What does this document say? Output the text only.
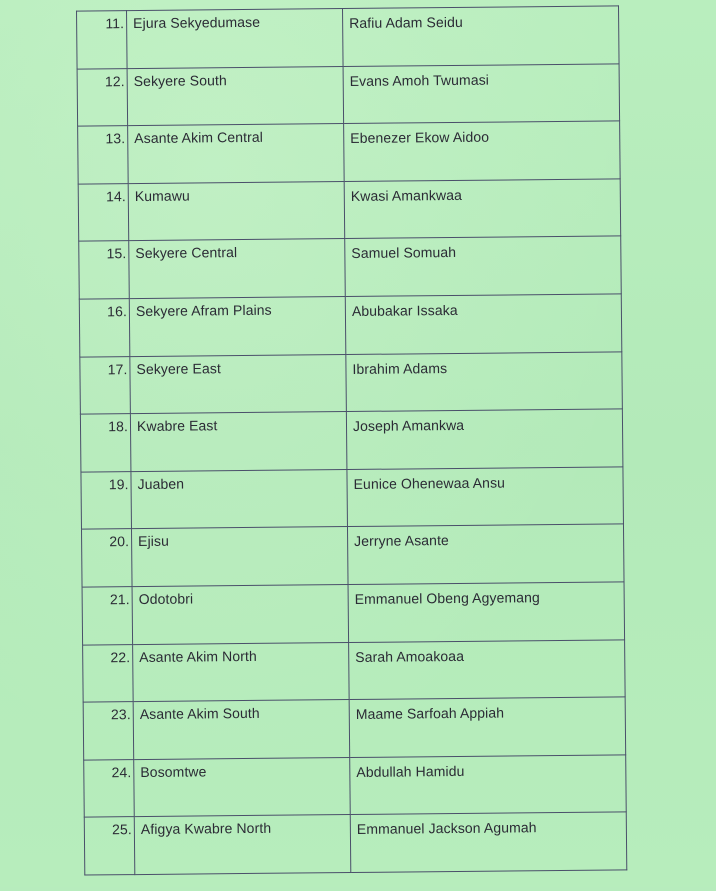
11.	Ejura Sekyedumase	Rafiu Adam Seidu
12.	Sekyere South	Evans Amoh Twumasi
13.	Asante Akim Central	Ebenezer Ekow Aidoo
14.	Kumawu	Kwasi Amankwaa
15.	Sekyere Central	Samuel Somuah
16.	Sekyere Afram Plains	Abubakar Issaka
17.	Sekyere East	Ibrahim Adams
18.	Kwabre East	Joseph Amankwa
19.	Juaben	Eunice Ohenewaa Ansu
20.	Ejisu	Jerryne Asante
21.	Odotobri	Emmanuel Obeng Agyemang
22.	Asante Akim North	Sarah Amoakoaa
23.	Asante Akim South	Maame Sarfoah Appiah
24.	Bosomtwe	Abdullah Hamidu
25.	Afigya Kwabre North	Emmanuel Jackson Agumah
